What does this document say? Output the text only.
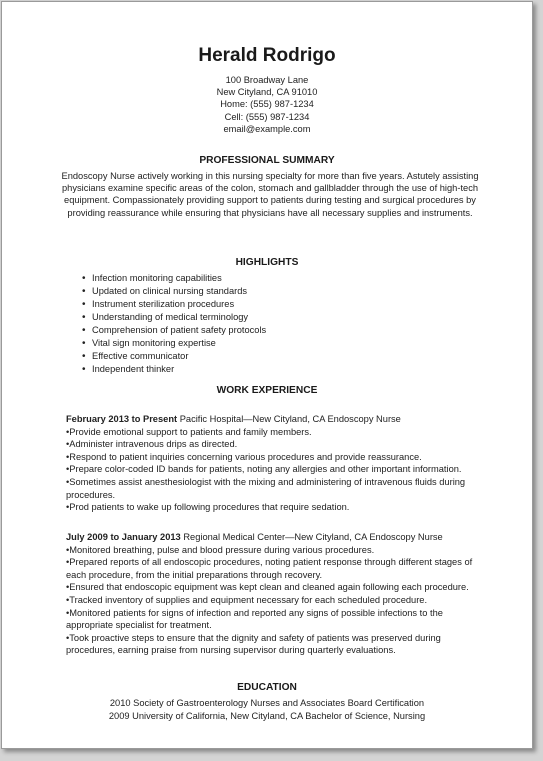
Herald Rodrigo
100 Broadway Lane
New Cityland, CA 91010
Home: (555) 987-1234
Cell: (555) 987-1234
email@example.com
PROFESSIONAL SUMMARY
Endoscopy Nurse actively working in this nursing specialty for more than five years. Astutely assisting physicians examine specific areas of the colon, stomach and gallbladder through the use of high-tech equipment. Compassionately providing support to patients during testing and surgical procedures by providing reassurance while ensuring that physicians have all necessary supplies and instruments.
HIGHLIGHTS
• Infection monitoring capabilities
• Updated on clinical nursing standards
• Instrument sterilization procedures
• Understanding of medical terminology
• Comprehension of patient safety protocols
• Vital sign monitoring expertise
• Effective communicator
• Independent thinker
WORK EXPERIENCE
February 2013 to Present Pacific Hospital—New Cityland, CA Endoscopy Nurse
• Provide emotional support to patients and family members.
• Administer intravenous drips as directed.
• Respond to patient inquiries concerning various procedures and provide reassurance.
• Prepare color-coded ID bands for patients, noting any allergies and other important information.
• Sometimes assist anesthesiologist with the mixing and administering of intravenous fluids during procedures.
• Prod patients to wake up following procedures that require sedation.
July 2009 to January 2013 Regional Medical Center—New Cityland, CA Endoscopy Nurse
• Monitored breathing, pulse and blood pressure during various procedures.
• Prepared reports of all endoscopic procedures, noting patient response through different stages of each procedure, from the initial preparations through recovery.
• Ensured that endoscopic equipment was kept clean and cleaned again following each procedure.
• Tracked inventory of supplies and equipment necessary for each scheduled procedure.
• Monitored patients for signs of infection and reported any signs of possible infections to the appropriate specialist for treatment.
• Took proactive steps to ensure that the dignity and safety of patients was preserved during procedures, earning praise from nursing supervisor during quarterly evaluations.
EDUCATION
2010 Society of Gastroenterology Nurses and Associates Board Certification
2009 University of California, New Cityland, CA Bachelor of Science, Nursing
